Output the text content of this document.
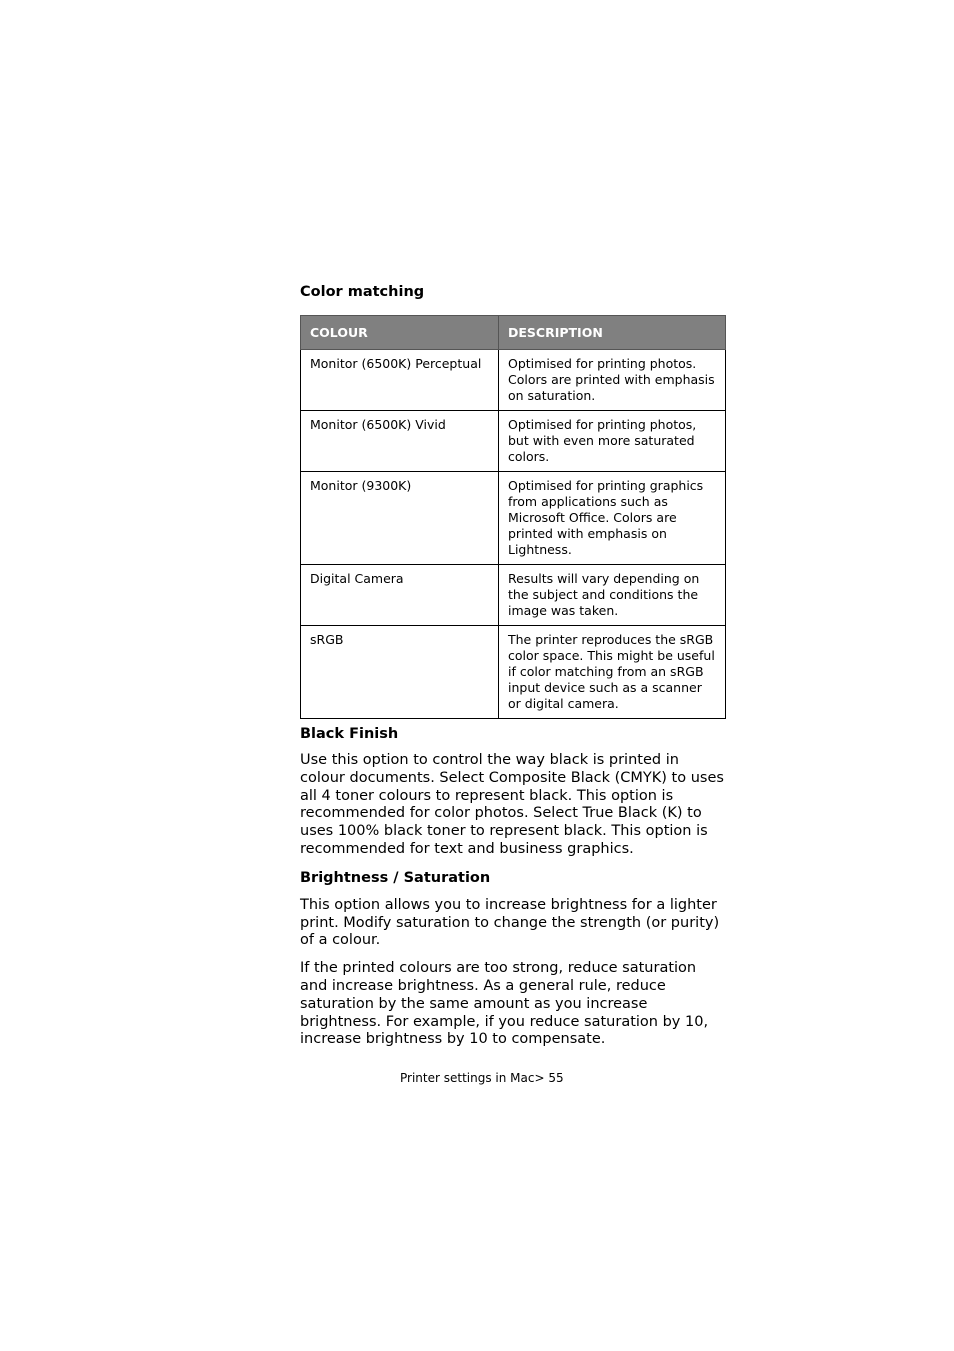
Color matching

COLOUR	DESCRIPTION
Monitor (6500K) Perceptual	Optimised for printing photos. Colors are printed with emphasis on saturation.
Monitor (6500K) Vivid	Optimised for printing photos, but with even more saturated colors.
Monitor (9300K)	Optimised for printing graphics from applications such as Microsoft Office. Colors are printed with emphasis on Lightness.
Digital Camera	Results will vary depending on the subject and conditions the image was taken.
sRGB	The printer reproduces the sRGB color space. This might be useful if color matching from an sRGB input device such as a scanner or digital camera.

Black Finish

Use this option to control the way black is printed in colour documents. Select Composite Black (CMYK) to uses all 4 toner colours to represent black. This option is recommended for color photos. Select True Black (K) to uses 100% black toner to represent black. This option is recommended for text and business graphics.

Brightness / Saturation

This option allows you to increase brightness for a lighter print. Modify saturation to change the strength (or purity) of a colour.

If the printed colours are too strong, reduce saturation and increase brightness. As a general rule, reduce saturation by the same amount as you increase brightness. For example, if you reduce saturation by 10, increase brightness by 10 to compensate.

Printer settings in Mac> 55
